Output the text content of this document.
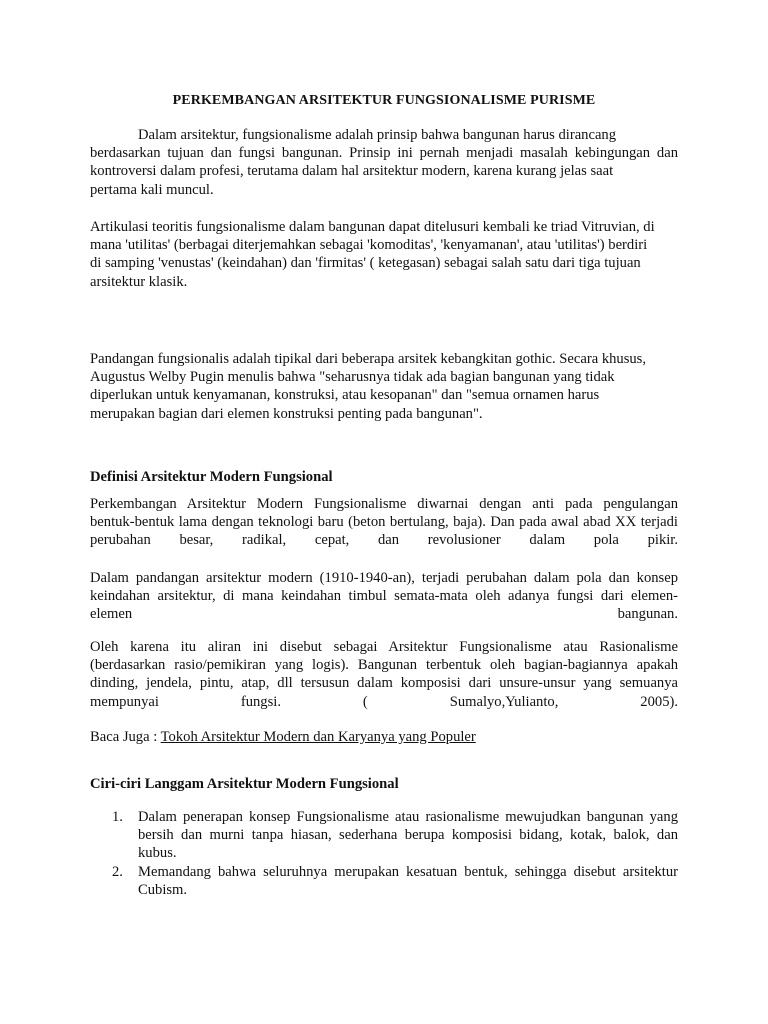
PERKEMBANGAN ARSITEKTUR FUNGSIONALISME PURISME
Dalam arsitektur, fungsionalisme adalah prinsip bahwa bangunan harus dirancang
berdasarkan tujuan dan fungsi bangunan. Prinsip ini pernah menjadi masalah kebingungan dan
kontroversi dalam profesi, terutama dalam hal arsitektur modern, karena kurang jelas saat
pertama kali muncul.
Artikulasi teoritis fungsionalisme dalam bangunan dapat ditelusuri kembali ke triad Vitruvian, di
mana 'utilitas' (berbagai diterjemahkan sebagai 'komoditas', 'kenyamanan', atau 'utilitas') berdiri
di samping 'venustas' (keindahan) dan 'firmitas' ( ketegasan) sebagai salah satu dari tiga tujuan
arsitektur klasik.
Pandangan fungsionalis adalah tipikal dari beberapa arsitek kebangkitan gothic. Secara khusus,
Augustus Welby Pugin menulis bahwa "seharusnya tidak ada bagian bangunan yang tidak
diperlukan untuk kenyamanan, konstruksi, atau kesopanan" dan "semua ornamen harus
merupakan bagian dari elemen konstruksi penting pada bangunan".
Definisi Arsitektur Modern Fungsional
Perkembangan Arsitektur Modern Fungsionalisme diwarnai dengan anti pada pengulangan
bentuk-bentuk lama dengan teknologi baru (beton bertulang, baja). Dan pada awal abad XX terjadi
perubahan besar, radikal, cepat, dan revolusioner dalam pola pikir.
Dalam pandangan arsitektur modern (1910-1940-an), terjadi perubahan dalam pola dan konsep
keindahan arsitektur, di mana keindahan timbul semata-mata oleh adanya fungsi dari elemen-
elemen	bangunan.
Oleh karena itu aliran ini disebut sebagai Arsitektur Fungsionalisme atau Rasionalisme
(berdasarkan rasio/pemikiran yang logis). Bangunan terbentuk oleh bagian-bagiannya apakah
dinding, jendela, pintu, atap, dll tersusun dalam komposisi dari unsure-unsur yang semuanya
mempunyai fungsi. ( Sumalyo,Yulianto, 2005).
Baca Juga : Tokoh Arsitektur Modern dan Karyanya yang Populer
Ciri-ciri Langgam Arsitektur Modern Fungsional
1. Dalam penerapan konsep Fungsionalisme atau rasionalisme mewujudkan bangunan yang
bersih dan murni tanpa hiasan, sederhana berupa komposisi bidang, kotak, balok, dan
kubus.
2. Memandang bahwa seluruhnya merupakan kesatuan bentuk, sehingga disebut arsitektur
Cubism.
